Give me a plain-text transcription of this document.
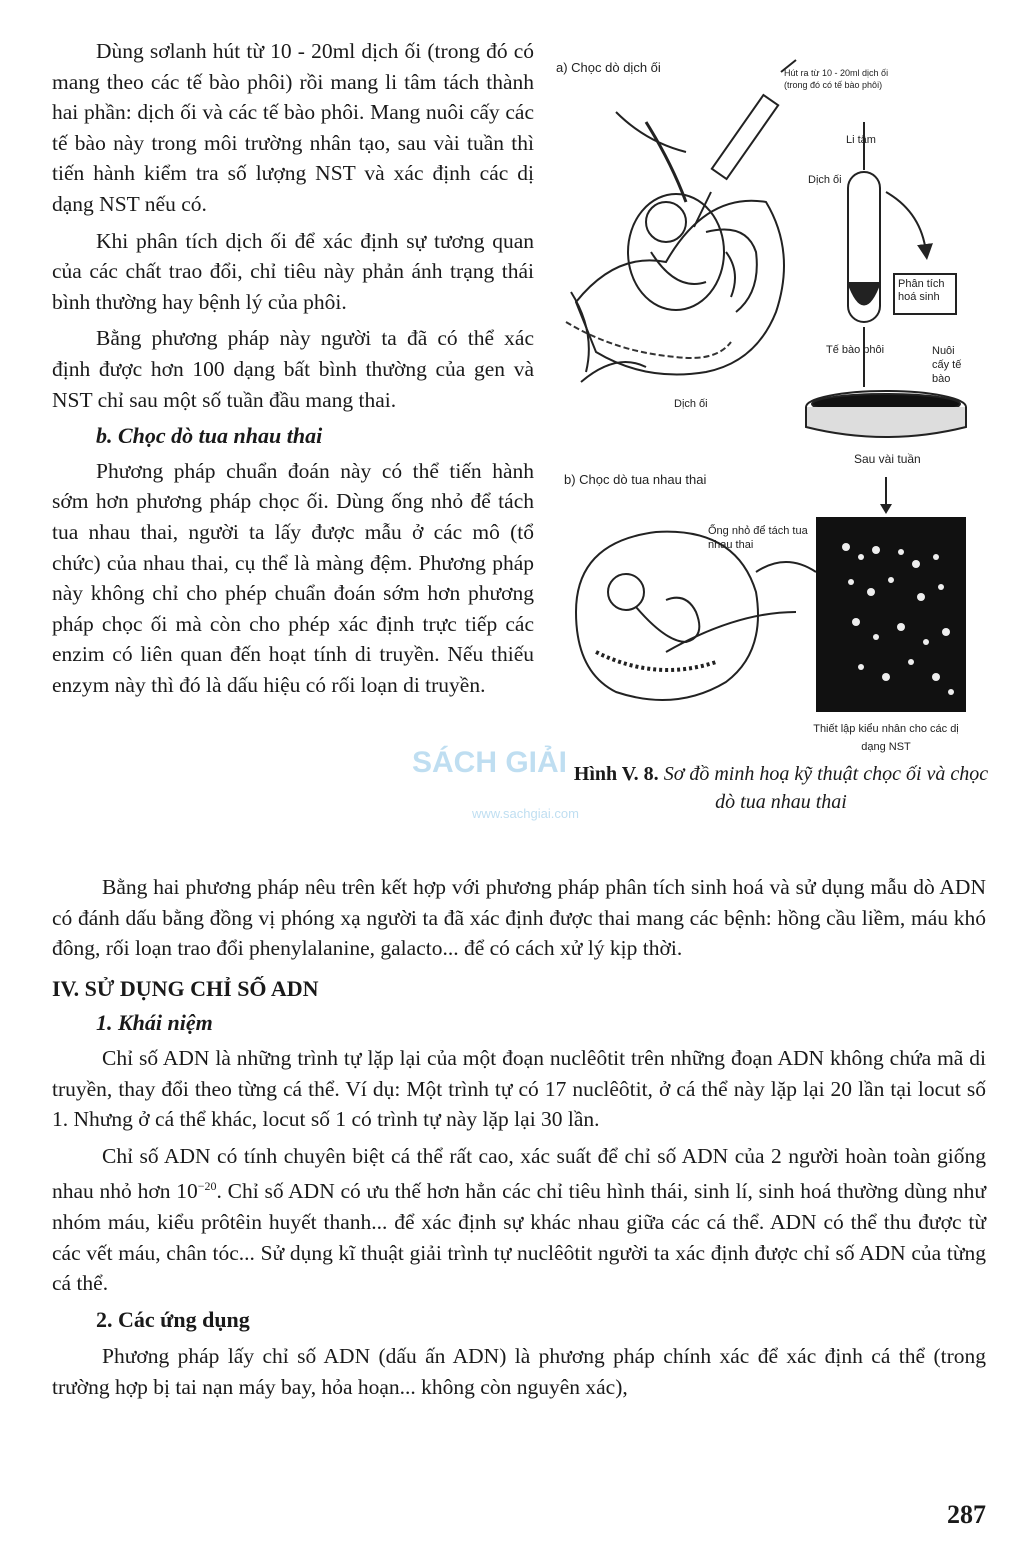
Dùng sơlanh hút từ 10 - 20ml dịch ối (trong đó có mang theo các tế bào phôi) rồi mang li tâm tách thành hai phần: dịch ối và các tế bào phôi. Mang nuôi cấy các tế bào này trong môi trường nhân tạo, sau vài tuần thì tiến hành kiểm tra số lượng NST và xác định các dị dạng NST nếu có.

Khi phân tích dịch ối để xác định sự tương quan của các chất trao đổi, chỉ tiêu này phản ánh trạng thái bình thường hay bệnh lý của phôi.

Bằng phương pháp này người ta đã có thể xác định được hơn 100 dạng bất bình thường của gen và NST chỉ sau một số tuần đầu mang thai.

b. Chọc dò tua nhau thai

Phương pháp chuẩn đoán này có thể tiến hành sớm hơn phương pháp chọc ối. Dùng ống nhỏ để tách tua nhau thai, người ta lấy được mẫu ở các mô (tổ chức) của nhau thai, cụ thể là màng đệm. Phương pháp này không chỉ cho phép chuẩn đoán sớm hơn phương pháp chọc ối mà còn cho phép xác định trực tiếp các enzim có liên quan đến hoạt tính di truyền. Nếu thiếu enzym này thì đó là dấu hiệu có rối loạn di truyền.

a) Chọc dò dịch ối	Hút ra từ 10 - 20ml dịch ối
(trong đó có tế bào phôi)
Li tâm
Dịch ối
Phân tích hoá sinh
Tế bào phôi	Nuôi cấy tế bào
Dịch ối
Sau vài tuần
b) Chọc dò tua nhau thai
Ống nhỏ để tách tua nhau thai
Thiết lập kiểu nhân cho các dị dạng NST
SÁCH GIẢI
www.sachgiai.com
Hình V. 8. Sơ đồ minh hoạ kỹ thuật chọc ối và chọc dò tua nhau thai

Bằng hai phương pháp nêu trên kết hợp với phương pháp phân tích sinh hoá và sử dụng mẫu dò ADN có đánh dấu bằng đồng vị phóng xạ người ta đã xác định được thai mang các bệnh: hồng cầu liềm, máu khó đông, rối loạn trao đổi phenylalanine, galacto... để có cách xử lý kịp thời.

IV. SỬ DỤNG CHỈ SỐ ADN
1. Khái niệm

Chỉ số ADN là những trình tự lặp lại của một đoạn nuclêôtit trên những đoạn ADN không chứa mã di truyền, thay đổi theo từng cá thể. Ví dụ: Một trình tự có 17 nuclêôtit, ở cá thể này lặp lại 20 lần tại locut số 1. Nhưng ở cá thể khác, locut số 1 có trình tự này lặp lại 30 lần.

Chỉ số ADN có tính chuyên biệt cá thể rất cao, xác suất để chỉ số ADN của 2 người hoàn toàn giống nhau nhỏ hơn $10^{-20}$. Chỉ số ADN có ưu thế hơn hẳn các chỉ tiêu hình thái, sinh lí, sinh hoá thường dùng như nhóm máu, kiểu prôtêin huyết thanh... để xác định sự khác nhau giữa các cá thể. ADN có thể thu được từ các vết máu, chân tóc... Sử dụng kĩ thuật giải trình tự nuclêôtit người ta xác định được chỉ số ADN của từng cá thể.

2. Các ứng dụng

Phương pháp lấy chỉ số ADN (dấu ấn ADN) là phương pháp chính xác để xác định cá thể (trong trường hợp bị tai nạn máy bay, hỏa hoạn... không còn nguyên xác),

287
